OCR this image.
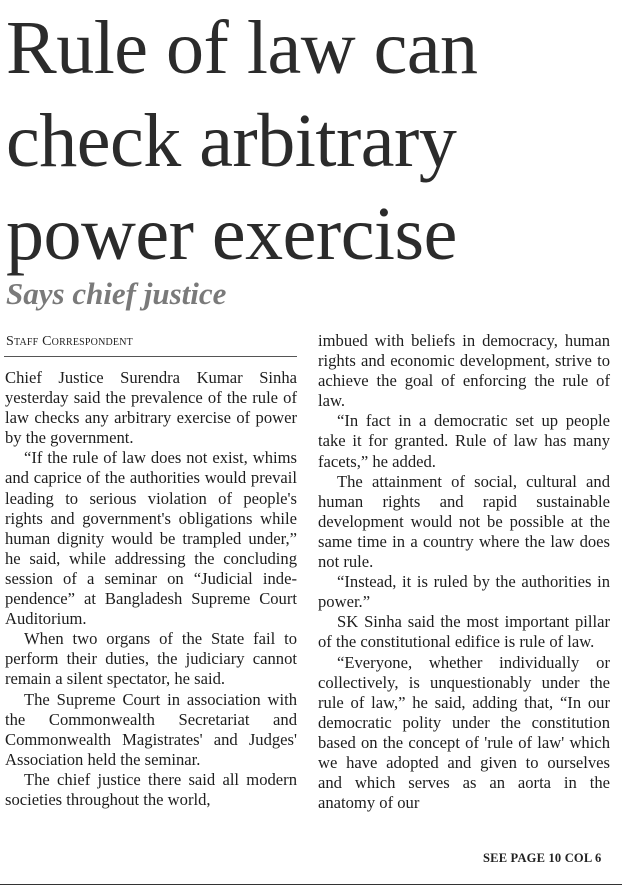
Rule of law can
check arbitrary
power exercise
Says chief justice
Staff Correspondent

Chief Justice Surendra Kumar Sinha yesterday said the prevalence of the rule of law checks any arbitrary exercise of power by the government.

“If the rule of law does not exist, whims and caprice of the authorities would prevail leading to serious violation of people's rights and government's obligations while human dignity would be trampled under,” he said, while addressing the concluding session of a seminar on “Judicial independence” at Bangladesh Supreme Court Auditorium.

When two organs of the State fail to perform their duties, the judiciary cannot remain a silent spectator, he said.

The Supreme Court in association with the Commonwealth Secretariat and Commonwealth Magistrates' and Judges' Association held the seminar.

The chief justice there said all modern societies throughout the world,

imbued with beliefs in democracy, human rights and economic development, strive to achieve the goal of enforcing the rule of law.

“In fact in a democratic set up people take it for granted. Rule of law has many facets,” he added.

The attainment of social, cultural and human rights and rapid sustainable development would not be possible at the same time in a country where the law does not rule.

“Instead, it is ruled by the authorities in power.”

SK Sinha said the most important pillar of the constitutional edifice is rule of law.

“Everyone, whether individually or collectively, is unquestionably under the rule of law,” he said, adding that, “In our democratic polity under the constitution based on the concept of 'rule of law' which we have adopted and given to ourselves and which serves as an aorta in the anatomy of our

SEE PAGE 10 COL 6
